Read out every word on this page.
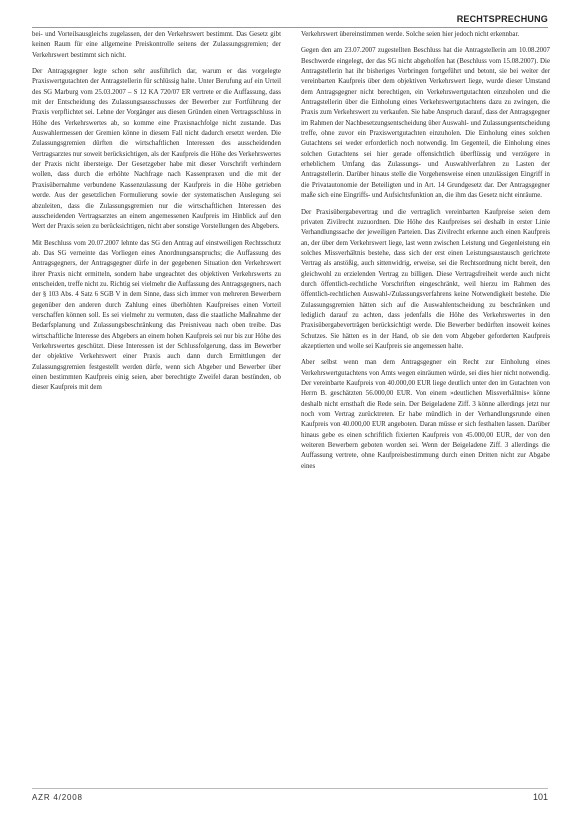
RECHTSPRECHUNG

bei- und Vorteilsausgleichs zugelassen, der den Verkehrswert bestimmt. Das Gesetz gibt keinen Raum für eine allgemeine Preiskontrolle seitens der Zulassungsgremien; der Verkehrswert bestimmt sich nicht.

Der Antragsgegner legte schon sehr ausführlich dar, warum er das vorgelegte Praxiswertgutachten der Antragstellerin für schlüssig halte. Unter Berufung auf ein Urteil des SG Marburg vom 25.03.2007 – S 12 KA 720/07 ER vertrete er die Auffassung, dass mit der Entscheidung des Zulassungsausschusses der Bewerber zur Fortführung der Praxis verpflichtet sei. Lehne der Vorgänger aus diesen Gründen einen Vertragsschluss in Höhe des Verkehrswertes ab, so komme eine Praxisnachfolge nicht zustande. Das Auswahlermessen der Gremien könne in diesem Fall nicht dadurch ersetzt werden. Die Zulassungsgremien dürften die wirtschaftlichen Interessen des ausscheidenden Vertragsarztes nur soweit berücksichtigen, als der Kaufpreis die Höhe des Verkehrswertes der Praxis nicht übersteige. Der Gesetzgeber habe mit dieser Vorschrift verhindern wollen, dass durch die erhöhte Nachfrage nach Kassenpraxen und die mit der Praxisübernahme verbundene Kassenzulassung der Kaufpreis in die Höhe getrieben werde. Aus der gesetzlichen Formulierung sowie der systematischen Auslegung sei abzuleiten, dass die Zulassungsgremien nur die wirtschaftlichen Interessen des ausscheidenden Vertragsarztes an einem angemessenen Kaufpreis im Hinblick auf den Wert der Praxis seien zu berücksichtigen, nicht aber sonstige Vorstellungen des Abgebers.

Mit Beschluss vom 20.07.2007 lehnte das SG den Antrag auf einstweiligen Rechtsschutz ab. Das SG verneinte das Vorliegen eines Anordnungsanspruchs; die Auffassung des Antragsgegners, der Antragsgegner dürfe in der gegebenen Situation den Verkehrswert ihrer Praxis nicht ermitteln, sondern habe ungeachtet des objektiven Verkehrswerts zu entscheiden, treffe nicht zu. Richtig sei vielmehr die Auffassung des Antragsgegners, nach der § 103 Abs. 4 Satz 6 SGB V in dem Sinne, dass sich immer von mehreren Bewerbern gegenüber den anderen durch Zahlung eines überhöhten Kaufpreises einen Vorteil verschaffen können soll. Es sei vielmehr zu vermuten, dass die staatliche Maßnahme der Bedarfsplanung und Zulassungsbeschränkung das Preisniveau nach oben treibe. Das wirtschaftliche Interesse des Abgebers an einem hohen Kaufpreis sei nur bis zur Höhe des Verkehrswertes geschützt. Diese Interessen ist der Schlussfolgerung, dass im Bewerber der objektive Verkehrswert einer Praxis auch dann durch Ermittlungen der Zulassungsgremien festgestellt werden dürfe, wenn sich Abgeber und Bewerber über einen bestimmten Kaufpreis einig seien, aber berechtigte Zweifel daran bestünden, ob dieser Kaufpreis mit dem

Verkehrswert übereinstimmen werde. Solche seien hier jedoch nicht erkennbar.

Gegen den am 23.07.2007 zugestellten Beschluss hat die Antragstellerin am 10.08.2007 Beschwerde eingelegt, der das SG nicht abgeholfen hat (Beschluss vom 15.08.2007). Die Antragstellerin hat ihr bisheriges Vorbringen fortgeführt und betont, sie bei weiter der vereinbarten Kaufpreis über dem objektiven Verkehrswert liege, wurde dieser Umstand dem Antragsgegner nicht berechtigen, ein Verkehrswertgutachten einzuholen und die Antragstellerin über die Einholung eines Verkehrswertgutachtens dazu zu zwingen, die Praxis zum Verkehrswert zu verkaufen. Sie habe Anspruch darauf, dass der Antragsgegner im Rahmen der Nachbesetzungsentscheidung über Auswahl- und Zulassungsentscheidung treffe, ohne zuvor ein Praxiswertgutachten einzuholen. Die Einholung eines solchen Gutachtens sei weder erforderlich noch notwendig. Im Gegenteil, die Einholung eines solchen Gutachtens sei hier gerade offensichtlich überflüssig und verzögere in erheblichem Umfang das Zulassungs- und Auswahlverfahren zu Lasten der Antragstellerin. Darüber hinaus stelle die Vorgehensweise einen unzulässigen Eingriff in die Privatautonomie der Beteiligten und in Art. 14 Grundgesetz dar. Der Antragsgegner maße sich eine Eingriffs- und Aufsichtsfunktion an, die ihm das Gesetz nicht einräume.

Der Praxisübergabevertrag und die vertraglich vereinbarten Kaufpreise seien dem privaten Zivilrecht zuzuordnen. Die Höhe des Kaufpreises sei deshalb in erster Linie Verhandlungssache der jeweiligen Parteien. Das Zivilrecht erkenne auch einen Kaufpreis an, der über dem Verkehrswert liege, last wenn zwischen Leistung und Gegenleistung ein solches Missverhältnis bestehe, dass sich der erst einen Leistungsaustausch gerichtete Vertrag als anstößig, auch sittenwidrig, erweise, sei die Rechtsordnung nicht bereit, den gleichwohl zu erzielenden Vertrag zu billigen. Diese Vertragsfreiheit werde auch nicht durch öffentlich-rechtliche Vorschriften eingeschränkt, weil hierzu im Rahmen des öffentlich-rechtlichen Auswahl-/Zulassungsverfahrens keine Notwendigkeit bestehe. Die Zulassungsgremien hätten sich auf die Auswahlentscheidung zu beschränken und lediglich darauf zu achten, dass jedenfalls die Höhe des Verkehrswertes in den Praxisübergabeverträgen berücksichtigt werde. Die Bewerber bedürften insoweit keines Schutzes. Sie hätten es in der Hand, ob sie den vom Abgeber geforderten Kaufpreis akzeptierten und wolle sei Kaufpreis sie angemessen halte.

Aber selbst wenn man dem Antragsgegner ein Recht zur Einholung eines Verkehrswertgutachtens von Amts wegen einräumen würde, sei dies hier nicht notwendig. Der vereinbarte Kaufpreis von 40.000,00 EUR liege deutlich unter den im Gutachten von Herrn B. geschätzten 56.000,00 EUR. Von einem »deutlichen Missverhältnis« könne deshalb nicht ernsthaft die Rede sein. Der Beigeladene Ziff. 3 könne allerdings jetzt nur noch vom Vertrag zurücktreten. Er habe mündlich in der Verhandlungsrunde einen Kaufpreis von 40.000,00 EUR angeboten. Daran müsse er sich festhalten lassen. Darüber hinaus gebe es einen schriftlich fixierten Kaufpreis von 45.000,00 EUR, der von den weiteren Bewerbern geboten worden sei. Wenn der Beigeladene Ziff. 3 allerdings die Auffassung vertrete, ohne Kaufpreisbestimmung durch einen Dritten nicht zur Abgabe eines

AZR 4/2008	101
